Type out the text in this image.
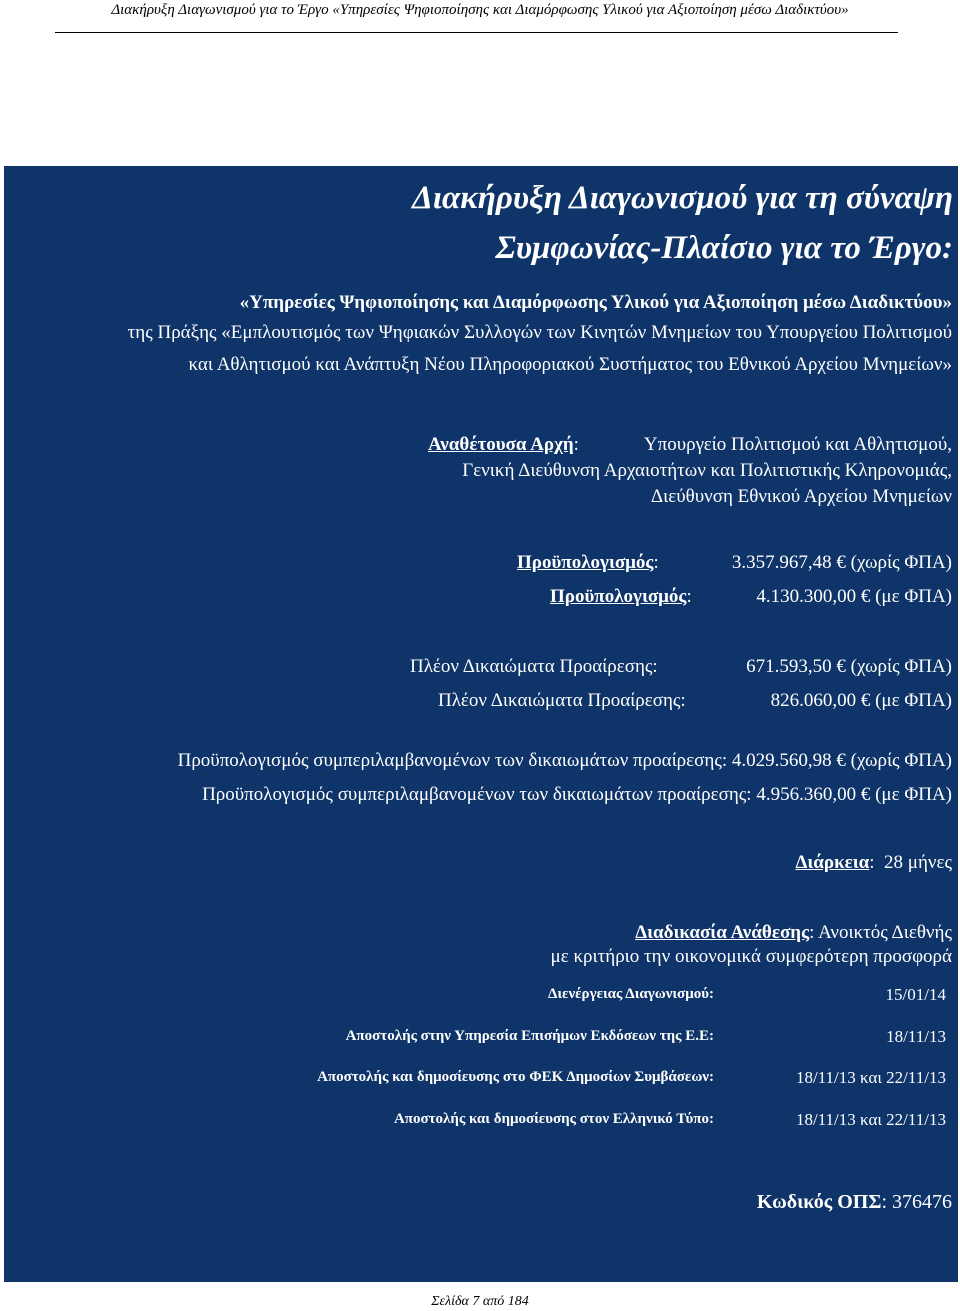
Διακήρυξη Διαγωνισμού για το Έργο «Υπηρεσίες Ψηφιοποίησης και Διαμόρφωσης Υλικού για Αξιοποίηση μέσω Διαδικτύου»
Διακήρυξη Διαγωνισμού για τη σύναψη
Συμφωνίας-Πλαίσιο για το Έργο:
«Υπηρεσίες Ψηφιοποίησης και Διαμόρφωσης Υλικού για Αξιοποίηση μέσω Διαδικτύου»
της Πράξης «Εμπλουτισμός των Ψηφιακών Συλλογών των Κινητών Μνημείων του Υπουργείου Πολιτισμού
και Αθλητισμού και Ανάπτυξη Νέου Πληροφοριακού Συστήματος του Εθνικού Αρχείου Μνημείων»
Αναθέτουσα Αρχή:	Υπουργείο Πολιτισμού και Αθλητισμού,
Γενική Διεύθυνση Αρχαιοτήτων και Πολιτιστικής Κληρονομιάς,
Διεύθυνση Εθνικού Αρχείου Μνημείων
Προϋπολογισμός:	3.357.967,48 € (χωρίς ΦΠΑ)
Προϋπολογισμός:	4.130.300,00 € (με ΦΠΑ)
Πλέον Δικαιώματα Προαίρεσης:	671.593,50 € (χωρίς ΦΠΑ)
Πλέον Δικαιώματα Προαίρεσης:	826.060,00 € (με ΦΠΑ)
Προϋπολογισμός συμπεριλαμβανομένων των δικαιωμάτων προαίρεσης: 4.029.560,98 € (χωρίς ΦΠΑ)
Προϋπολογισμός συμπεριλαμβανομένων των δικαιωμάτων προαίρεσης: 4.956.360,00 € (με ΦΠΑ)
Διάρκεια: 28 μήνες
Διαδικασία Ανάθεσης: Ανοικτός Διεθνής
με κριτήριο την οικονομικά συμφερότερη προσφορά
Διενέργειας Διαγωνισμού:	15/01/14
Αποστολής στην Υπηρεσία Επισήμων Εκδόσεων της Ε.Ε:	18/11/13
Αποστολής και δημοσίευσης στο ΦΕΚ Δημοσίων Συμβάσεων:	18/11/13 και 22/11/13
Αποστολής και δημοσίευσης στον Ελληνικό Τύπο:	18/11/13 και 22/11/13
Κωδικός ΟΠΣ: 376476
Σελίδα 7 από 184
